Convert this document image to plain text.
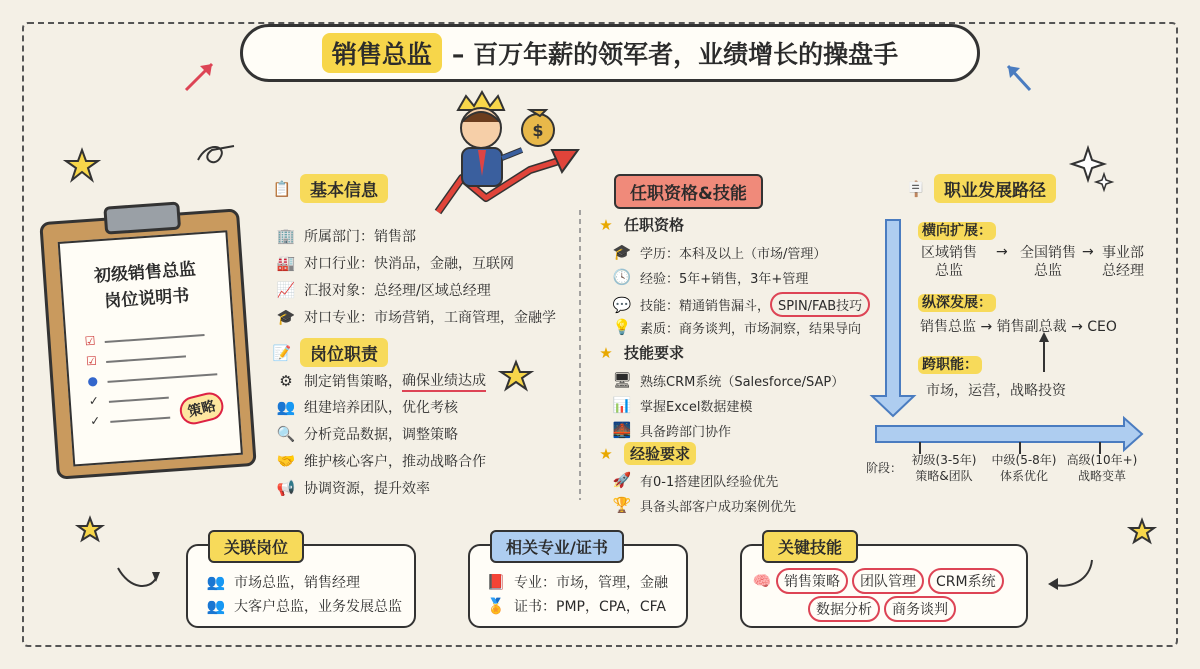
$
销售总监 – 百万年薪的领军者，业绩增长的操盘手
初级销售总监
岗位说明书
☑
☑
●
✓
✓
策略
📋	基本信息
🏢 所属部门：销售部
🏭 对口行业：快消品，金融，互联网
📈 汇报对象：总经理/区域总经理
🎓 对口专业：市场营销，工商管理，金融学
📝	岗位职责
⚙ 制定销售策略， 确保业绩达成
👥 组建培养团队，优化考核
🔍 分析竞品数据，调整策略
🤝 维护核心客户，推动战略合作
📢 协调资源，提升效率
任职资格&技能
★ 任职资格
🎓 学历：本科及以上（市场/管理）
🕓 经验：5年+销售，3年+管理
💬 技能：精通销售漏斗， SPIN/FAB技巧
💡 素质：商务谈判，市场洞察，结果导向
★ 技能要求
🖥 熟练CRM系统（Salesforce/SAP）
📊 掌握Excel数据建模
🌉 具备跨部门协作
★	经验要求
🚀 有0-1搭建团队经验优先
🏆 具备头部客户成功案例优先
🪧	职业发展路径
横向扩展：
区域销售总监
→ 全国销售总监
→ 事业部总经理
纵深发展：
销售总监 → 销售副总裁 → CEO
跨职能：
市场，运营，战略投资
阶段：
初级(3-5年)
策略&团队
中级(5-8年)
体系优化
高级(10年+)
战略变革
关联岗位
👥 市场总监，销售经理
👥 大客户总监，业务发展总监
相关专业/证书
📕 专业：市场，管理，金融
🏅 证书：PMP，CPA，CFA
关键技能
🧠 销售策略	团队管理	CRM系统
数据分析	商务谈判
